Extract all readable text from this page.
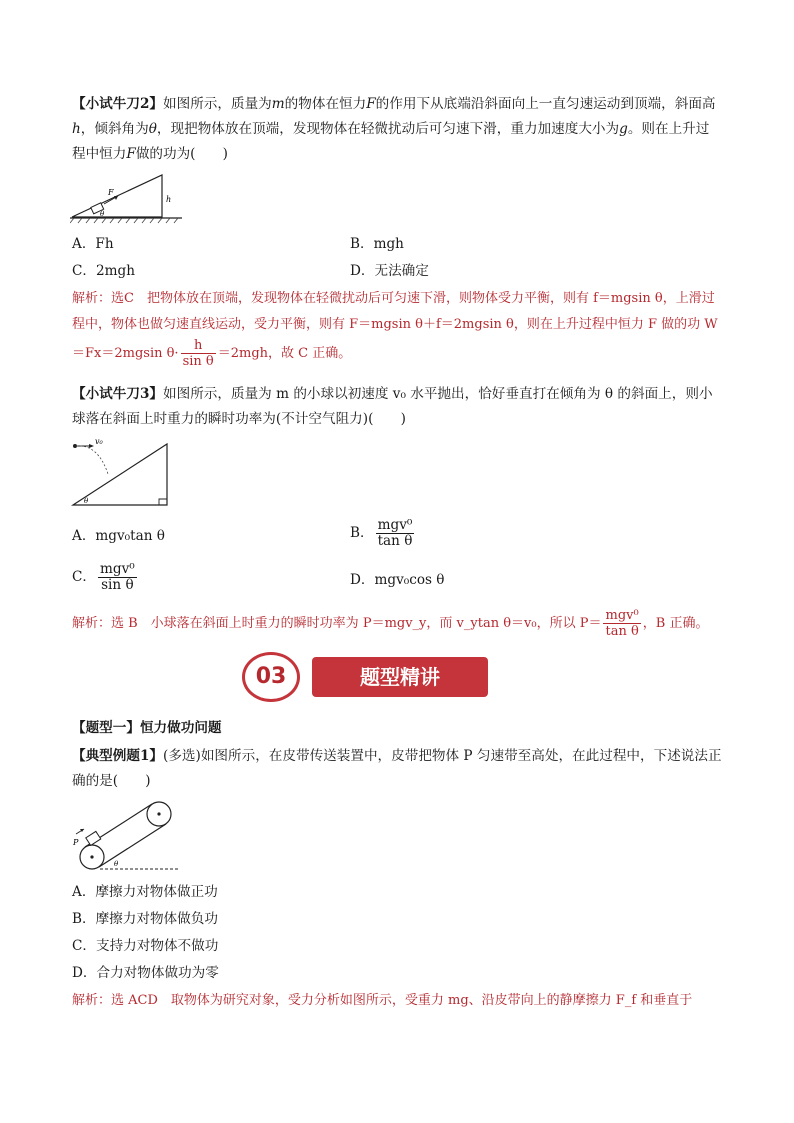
【小试牛刀2】如图所示，质量为m的物体在恒力F的作用下从底端沿斜面向上一直匀速运动到顶端，斜面高h，倾斜角为θ，现把物体放在顶端，发现物体在轻微扰动后可匀速下滑，重力加速度大小为g。则在上升过程中恒力F做的功为(　　)

F
h
θ
A．Fh	B．mgh
C．2mgh	D．无法确定
解析：选C　把物体放在顶端，发现物体在轻微扰动后可匀速下滑，则物体受力平衡，则有 f＝mgsin θ，上滑过程中，物体也做匀速直线运动，受力平衡，则有 F＝mgsin θ＋f＝2mgsin θ，则在上升过程中恒力 F 做的功 W＝Fx＝2mgsin $\theta\cdot \frac{h}{\text{sin θ}} =2mgh$，故 C 正确。

【小试牛刀3】如图所示，质量为 m 的小球以初速度 v₀ 水平抛出，恰好垂直打在倾角为 θ 的斜面上，则小球落在斜面上时重力的瞬时功率为(不计空气阻力)(　　)

v₀
θ
A．mgv₀tan θ	B． $\frac{\text{mgv⁰}}{\text{tan θ}}$
C． $\frac{\text{mgv⁰}}{\text{sin θ}}$	D．mgv₀cos θ
解析：选 B　小球落在斜面上时重力的瞬时功率为 P＝mgv_y，而 v_ytan θ＝v₀，所以 $P= \frac{\text{mgv⁰}}{\text{tan θ}}$ ，B 正确。
03	题型精讲
【题型一】恒力做功问题

【典型例题1】(多选)如图所示，在皮带传送装置中，皮带把物体 P 匀速带至高处，在此过程中，下述说法正确的是(　　)

P
θ
A．摩擦力对物体做正功
B．摩擦力对物体做负功
C．支持力对物体不做功
D．合力对物体做功为零
解析：选 ACD　取物体为研究对象，受力分析如图所示，受重力 mg、沿皮带向上的静摩擦力 F_f 和垂直于
